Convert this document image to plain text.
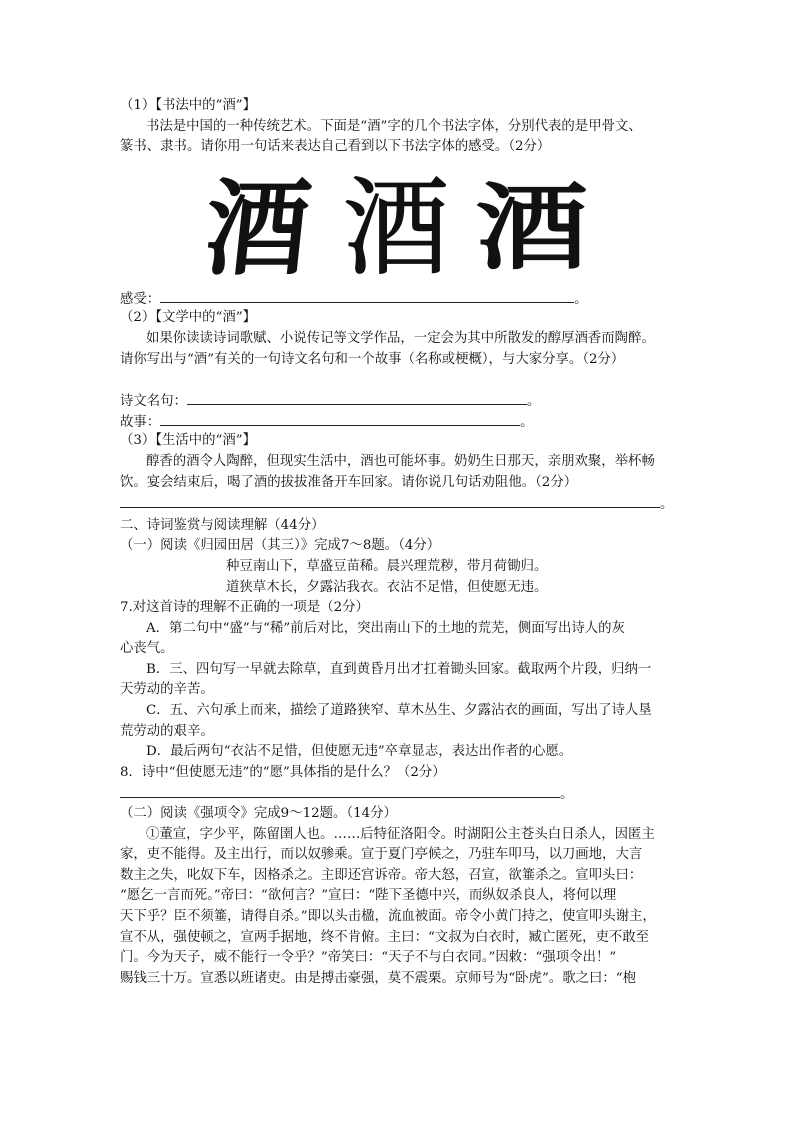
（1）【书法中的“酒”】
书法是中国的一种传统艺术。下面是“酒”字的几个书法字体，分别代表的是甲骨文、
篆书、隶书。请你用一句话来表达自己看到以下书法字体的感受。（2分）
酒 酒 酒
感受：	。
（2）【文学中的“酒”】
如果你读读诗词歌赋、小说传记等文学作品，一定会为其中所散发的醇厚酒香而陶醉。
请你写出与“酒”有关的一句诗文名句和一个故事（名称或梗概），与大家分享。（2分）
诗文名句：	。
故事：	。
（3）【生活中的“酒”】
醇香的酒令人陶醉，但现实生活中，酒也可能坏事。奶奶生日那天，亲朋欢聚，举杯畅
饮。宴会结束后，喝了酒的拔拔准备开车回家。请你说几句话劝阻他。（2分）
。
二、诗词鉴赏与阅读理解（44分）
（一）阅读《归园田居（其三）》完成7～8题。（4分）
种豆南山下，草盛豆苗稀。晨兴理荒秽，带月荷锄归。
道狭草木长，夕露沾我衣。衣沾不足惜，但使愿无违。
7.对这首诗的理解不正确的一项是（2分）
A．第二句中“盛”与“稀”前后对比，突出南山下的土地的荒芜，侧面写出诗人的灰
心丧气。
B．三、四句写一早就去除草，直到黄昏月出才扛着锄头回家。截取两个片段，归纳一
天劳动的辛苦。
C．五、六句承上而来，描绘了道路狭窄、草木丛生、夕露沾衣的画面，写出了诗人垦
荒劳动的艰辛。
D．最后两句“衣沾不足惜，但使愿无违”卒章显志，表达出作者的心愿。
8．诗中“但使愿无违”的“愿”具体指的是什么？（2分）
。
（二）阅读《强项令》完成9～12题。（14分）
①董宣，字少平，陈留圉人也。……后特征洛阳令。时湖阳公主苍头白日杀人，因匿主
家，吏不能得。及主出行，而以奴骖乘。宣于夏门亭候之，乃驻车叩马，以刀画地，大言
数主之失，叱奴下车，因格杀之。主即还宫诉帝。帝大怒，召宣，欲箠杀之。宣叩头曰：
“愿乞一言而死。”帝曰：“欲何言？”宣曰：“陛下圣德中兴，而纵奴杀良人，将何以理
天下乎？臣不须箠，请得自杀。”即以头击楹，流血被面。帝令小黄门持之，使宣叩头谢主，
宣不从，强使顿之，宣两手据地，终不肯俯。主曰：“文叔为白衣时，臧亡匿死，吏不敢至
门。今为天子，威不能行一令乎？”帝笑曰：“天子不与白衣同。”因敕：“强项令出！”
赐钱三十万。宣悉以班诸吏。由是搏击豪强，莫不震栗。京师号为“卧虎”。歌之曰：“枹
